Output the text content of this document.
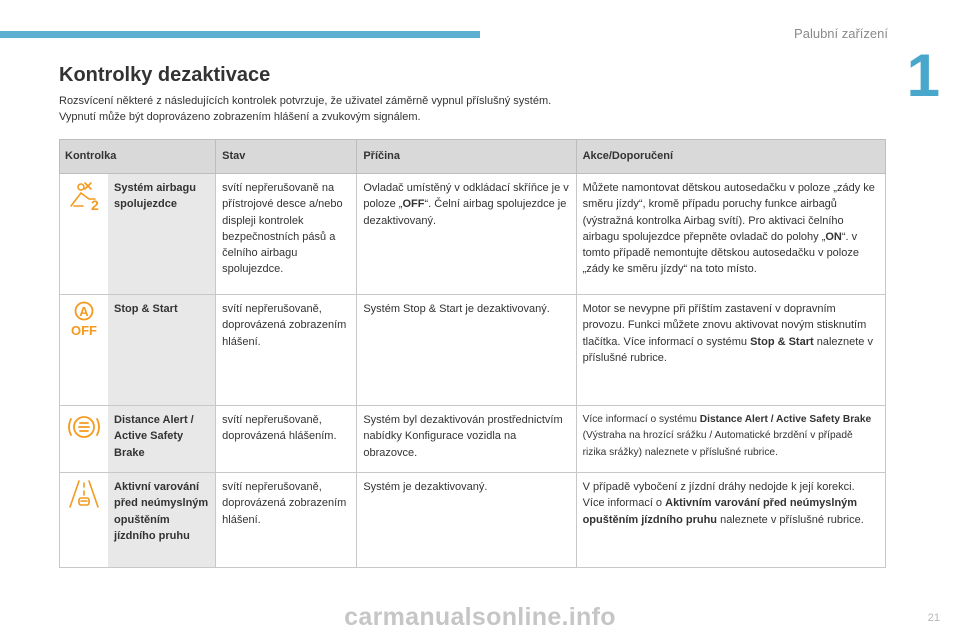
Palubní zařízení
1
Kontrolky dezaktivace
Rozsvícení některé z následujících kontrolek potvrzuje, že uživatel záměrně vypnul příslušný systém.
Vypnutí může být doprovázeno zobrazením hlášení a zvukovým signálem.
Kontrolka		Stav	Příčina	Akce/Doporučení

2	Systém airbagu spolujezdce	svítí nepřerušovaně na přístrojové desce a/nebo displeji kontrolek bezpečnostních pásů a čelního airbagu spolujezdce.	Ovladač umístěný v odkládací skříňce je v poloze „OFF“. Čelní airbag spolujezdce je dezaktivovaný.	Můžete namontovat dětskou autosedačku v poloze „zády ke směru jízdy“, kromě případu poruchy funkce airbagů (výstražná kontrolka Airbag svítí). Pro aktivaci čelního airbagu spolujezdce přepněte ovladač do polohy „ON“. v tomto případě nemontujte dětskou autosedačku v poloze „zády ke směru jízdy“ na toto místo.

A
OFF	Stop & Start	svítí nepřerušovaně, doprovázená zobrazením hlášení.	Systém Stop & Start je dezaktivovaný.	Motor se nevypne při příštím zastavení v dopravním provozu. Funkci můžete znovu aktivovat novým stisknutím tlačítka. Více informací o systému Stop & Start naleznete v příslušné rubrice.

	Distance Alert / Active Safety Brake	svítí nepřerušovaně, doprovázená hlášením.	Systém byl dezaktivován prostřednictvím nabídky Konfigurace vozidla na obrazovce.	Více informací o systému Distance Alert / Active Safety Brake (Výstraha na hrozící srážku / Automatické brzdění v případě rizika srážky) naleznete v příslušné rubrice.

	Aktivní varování před neúmyslným opuštěním jízdního pruhu	svítí nepřerušovaně, doprovázená zobrazením hlášení.	Systém je dezaktivovaný.	V případě vybočení z jízdní dráhy nedojde k její korekci. Více informací o Aktivním varování před neúmyslným opuštěním jízdního pruhu naleznete v příslušné rubrice.
carmanualsonline.info	21
